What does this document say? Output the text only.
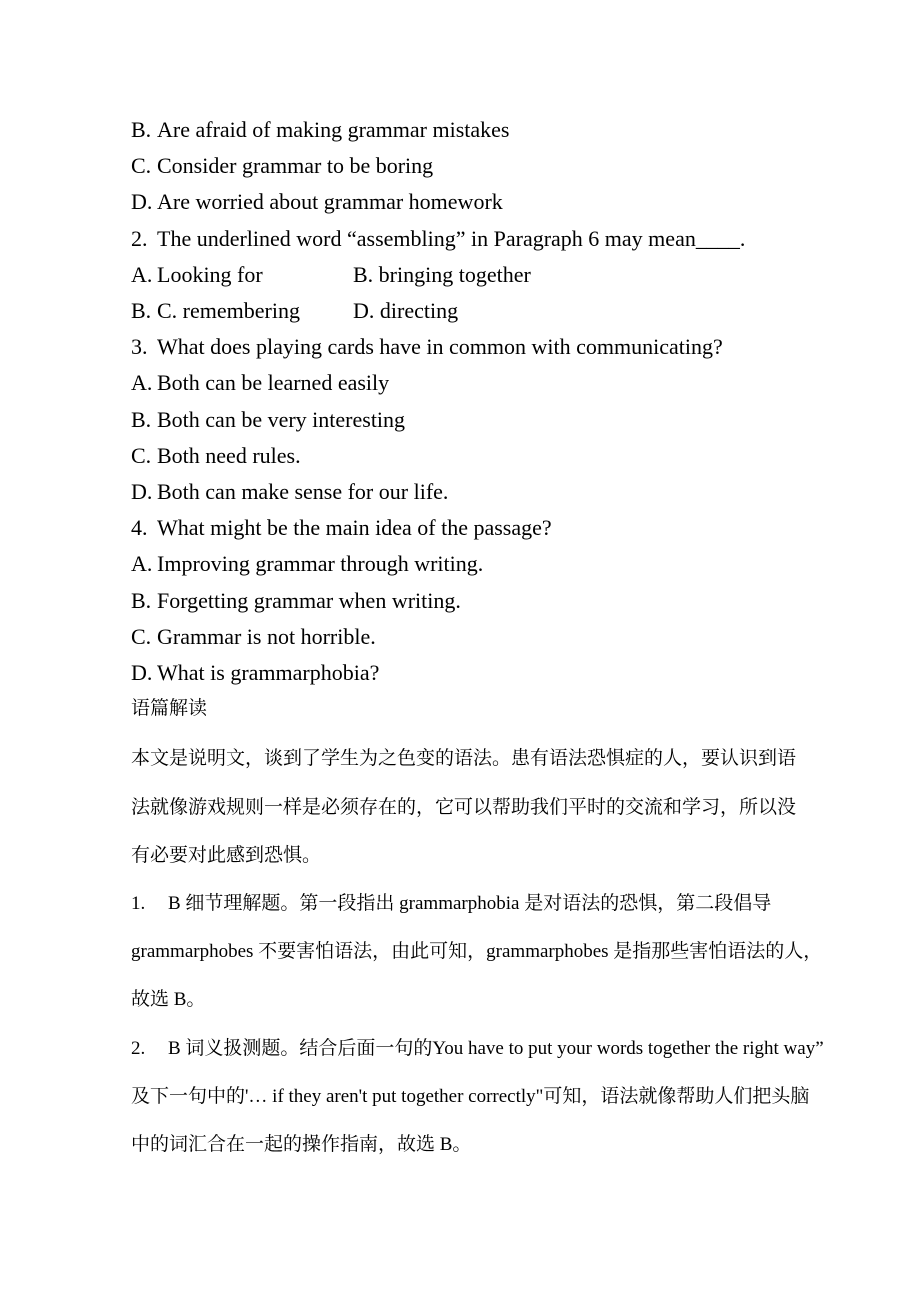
B. Are afraid of making grammar mistakes
C. Consider grammar to be boring
D. Are worried about grammar homework
2. The underlined word “assembling” in Paragraph 6 may mean____.
A. Looking for	B. bringing together
B. C. remembering D. directing
3. What does playing cards have in common with communicating?
A. Both can be learned easily
B. Both can be very interesting
C. Both need rules.
D. Both can make sense for our life.
4. What might be the main idea of the passage?
A. Improving grammar through writing.
B. Forgetting grammar when writing.
C. Grammar is not horrible.
D. What is grammarphobia?
语篇解读
本文是说明文，谈到了学生为之色变的语法。患有语法恐惧症的人，要认识到语
法就像游戏规则一样是必须存在的，它可以帮助我们平时的交流和学习，所以没
有必要对此感到恐惧。
1. B 细节理解题。第一段指出 grammarphobia 是对语法的恐惧，第二段倡导
grammarphobes 不要害怕语法，由此可知，grammarphobes 是指那些害怕语法的人，
故选 B。
2. B 词义扱测题。结合后面一句的You have to put your words together the right way”
及下一句中的'… if they aren't put together correctly"可知，语法就像帮助人们把头脑
中的词汇合在一起的操作指南，故选 B。
